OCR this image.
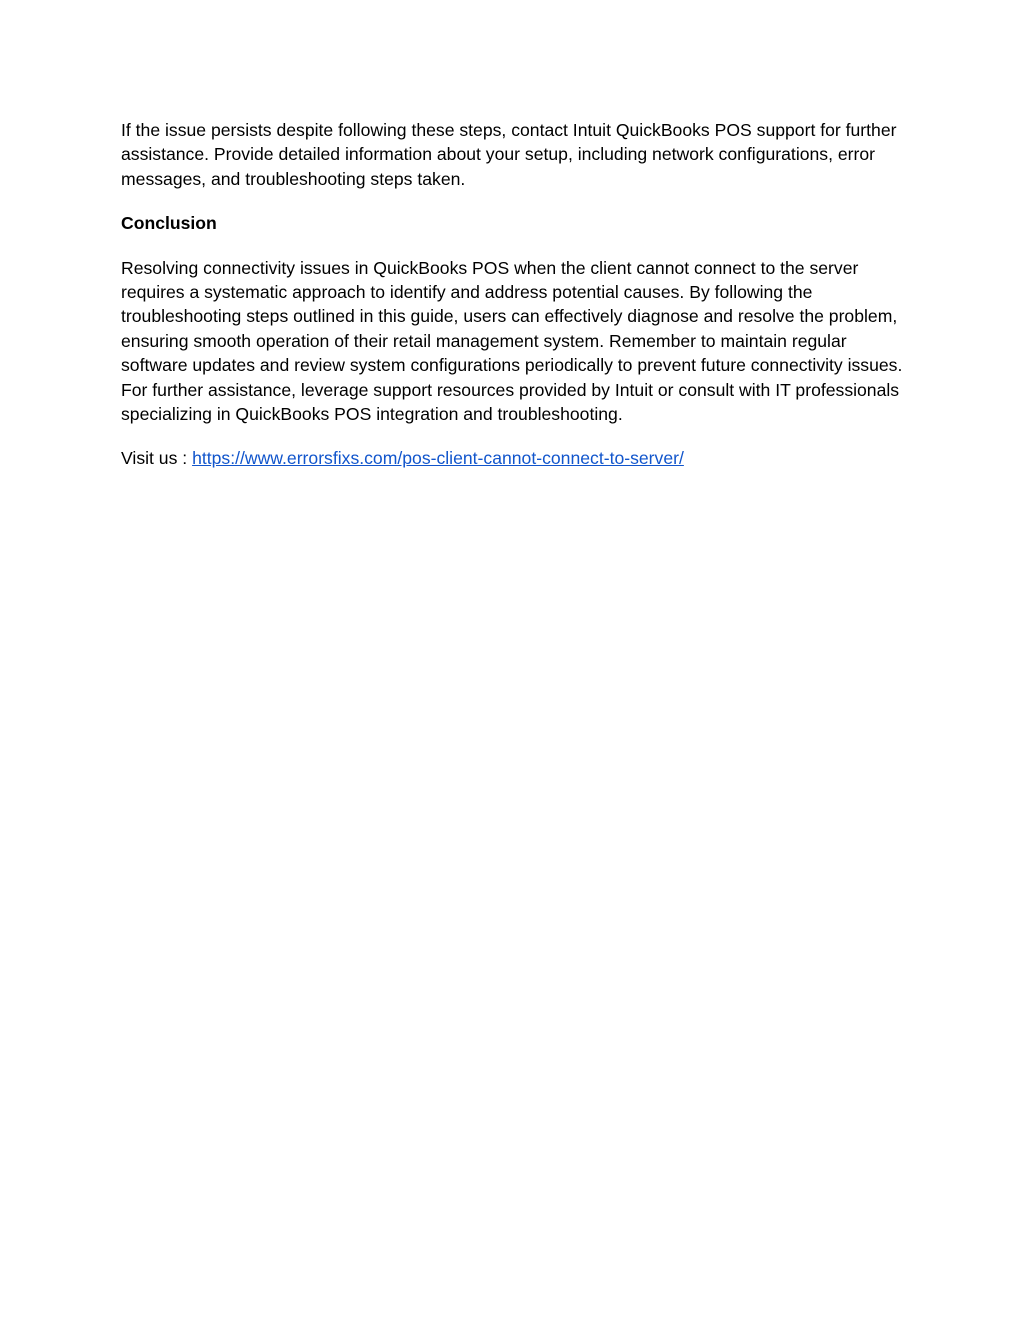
If the issue persists despite following these steps, contact Intuit QuickBooks POS support for further assistance. Provide detailed information about your setup, including network configurations, error messages, and troubleshooting steps taken.

Conclusion

Resolving connectivity issues in QuickBooks POS when the client cannot connect to the server requires a systematic approach to identify and address potential causes. By following the troubleshooting steps outlined in this guide, users can effectively diagnose and resolve the problem, ensuring smooth operation of their retail management system. Remember to maintain regular software updates and review system configurations periodically to prevent future connectivity issues. For further assistance, leverage support resources provided by Intuit or consult with IT professionals specializing in QuickBooks POS integration and troubleshooting.

Visit us : https://www.errorsfixs.com/pos-client-cannot-connect-to-server/
